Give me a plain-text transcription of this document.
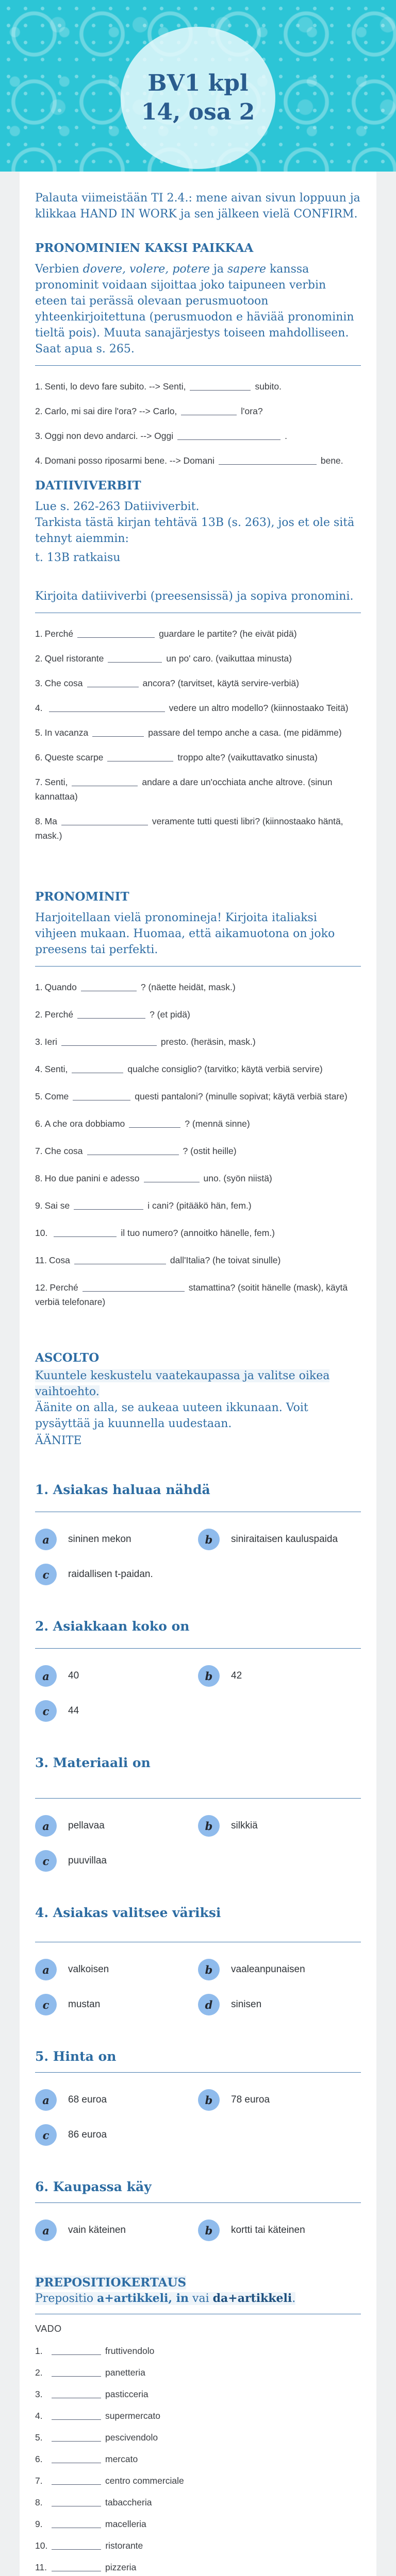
BV1 kpl
14, osa 2

Palauta viimeistään TI 2.4.: mene aivan sivun loppuun ja klikkaa HAND IN WORK ja sen jälkeen vielä CONFIRM.

PRONOMINIEN KAKSI PAIKKAA

Verbien dovere, volere, potere ja sapere kanssa pronominit voidaan sijoittaa joko taipuneen verbin eteen tai perässä olevaan perusmuotoon yhteenkirjoitettuna (perusmuodon e häviää pronominin tieltä pois). Muuta sanajärjestys toiseen mahdolliseen. Saat apua s. 265.

1. Senti, lo devo fare subito. --> Senti,	subito.
2. Carlo, mi sai dire l'ora? --> Carlo,	l'ora?
3. Oggi non devo andarci. --> Oggi	.
4. Domani posso riposarmi bene. --> Domani	bene.
DATIIVIVERBIT

Lue s. 262-263 Datiiviverbit.

Tarkista tästä kirjan tehtävä 13B (s. 263), jos et ole sitä tehnyt aiemmin:

t. 13B ratkaisu

Kirjoita datiiviverbi (preesensissä) ja sopiva pronomini.

1. Perché	guardare le partite? (he eivät pidä)
2. Quel ristorante	un po' caro. (vaikuttaa minusta)
3. Che cosa	ancora? (tarvitset, käytä servire-verbiä)
4.	vedere un altro modello? (kiinnostaako Teitä)
5. In vacanza	passare del tempo anche a casa. (me pidämme)
6. Queste scarpe	troppo alte? (vaikuttavatko sinusta)
7. Senti,	andare a dare un'occhiata anche altrove. (sinun kannattaa)
8. Ma	veramente tutti questi libri? (kiinnostaako häntä, mask.)
PRONOMINIT

Harjoitellaan vielä pronomineja! Kirjoita italiaksi vihjeen mukaan. Huomaa, että aikamuotona on joko preesens tai perfekti.

1. Quando	? (näette heidät, mask.)
2. Perché	? (et pidä)
3. Ieri	presto. (heräsin, mask.)
4. Senti,	qualche consiglio? (tarvitko; käytä verbiä servire)
5. Come	questi pantaloni? (minulle sopivat; käytä verbiä stare)
6. A che ora dobbiamo	? (mennä sinne)
7. Che cosa	? (ostit heille)
8. Ho due panini e adesso	uno. (syön niistä)
9. Sai se	i cani? (pitääkö hän, fem.)
10.	il tuo numero? (annoitko hänelle, fem.)
11. Cosa	dall'Italia? (he toivat sinulle)
12. Perché	stamattina? (soitit hänelle (mask), käytä verbiä telefonare)
ASCOLTO

Kuuntele keskustelu vaatekaupassa ja valitse oikea vaihtoehto.

Äänite on alla, se aukeaa uuteen ikkunaan. Voit pysäyttää ja kuunnella uudestaan.

ÄÄNITE

1. Asiakas haluaa nähdä
a	sininen mekon	b	siniraitaisen kauluspaida
c	raidallisen t-paidan.
2. Asiakkaan koko on
a	40	b	42
c	44
3. Materiaali on
a	pellavaa	b	silkkiä
c	puuvillaa
4. Asiakas valitsee väriksi
a	valkoisen	b	vaaleanpunaisen
c	mustan	d	sinisen
5. Hinta on
a	68 euroa	b	78 euroa
c	86 euroa
6. Kaupassa käy
a	vain käteinen	b	kortti tai käteinen
PREPOSITIOKERTAUS

Prepositio a+artikkeli, in vai da+artikkeli.

VADO

1.	fruttivendolo
2.	panetteria
3.	pasticceria
4.	supermercato
5.	pescivendolo
6.	mercato
7.	centro commerciale
8.	tabaccheria
9.	macelleria
10.	ristorante
11.	pizzeria
